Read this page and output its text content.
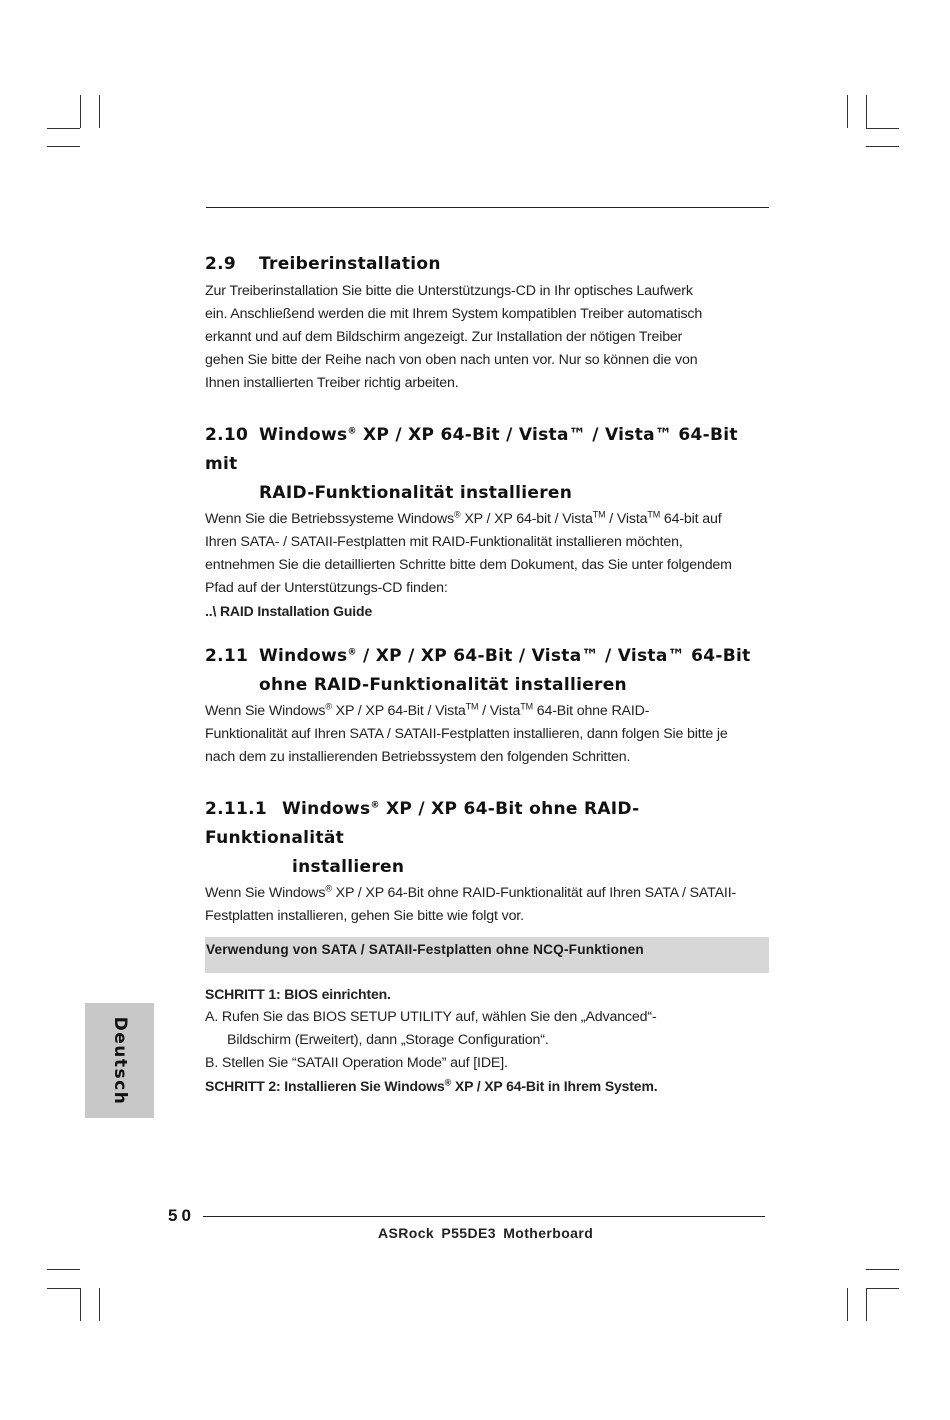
2.9 Treiberinstallation

Zur Treiberinstallation Sie bitte die Unterstützungs-CD in Ihr optisches Laufwerk

ein. Anschließend werden die mit Ihrem System kompatiblen Treiber automatisch

erkannt und auf dem Bildschirm angezeigt. Zur Installation der nötigen Treiber

gehen Sie bitte der Reihe nach von oben nach unten vor. Nur so können die von

Ihnen installierten Treiber richtig arbeiten.

2.10 Windows® XP / XP 64-Bit / Vista™ / Vista™ 64-Bit mit
RAID-Funktionalität installieren

Wenn Sie die Betriebssysteme Windows® XP / XP 64-bit / Vista™ / Vista™ 64-bit auf

Ihren SATA- / SATAII-Festplatten mit RAID-Funktionalität installieren möchten,

entnehmen Sie die detaillierten Schritte bitte dem Dokument, das Sie unter folgendem

Pfad auf der Unterstützungs-CD finden:

..\ RAID Installation Guide

2.11 Windows® / XP / XP 64-Bit / Vista™ / Vista™ 64-Bit
ohne RAID-Funktionalität installieren

Wenn Sie Windows® XP / XP 64-Bit / Vista™ / Vista™ 64-Bit ohne RAID-

Funktionalität auf Ihren SATA / SATAII-Festplatten installieren, dann folgen Sie bitte je

nach dem zu installierenden Betriebssystem den folgenden Schritten.

2.11.1 Windows® XP / XP 64-Bit ohne RAID-Funktionalität
installieren

Wenn Sie Windows® XP / XP 64-Bit ohne RAID-Funktionalität auf Ihren SATA / SATAII-

Festplatten installieren, gehen Sie bitte wie folgt vor.

Verwendung von SATA / SATAII-Festplatten ohne NCQ-Funktionen

SCHRITT 1: BIOS einrichten.

A. Rufen Sie das BIOS SETUP UTILITY auf, wählen Sie den „Advanced“-

Bildschirm (Erweitert), dann „Storage Configuration“.

B. Stellen Sie “SATAII Operation Mode” auf [IDE].

SCHRITT 2: Installieren Sie Windows® XP / XP 64-Bit in Ihrem System.

Deutsch
50
ASRock P55DE3 Motherboard
